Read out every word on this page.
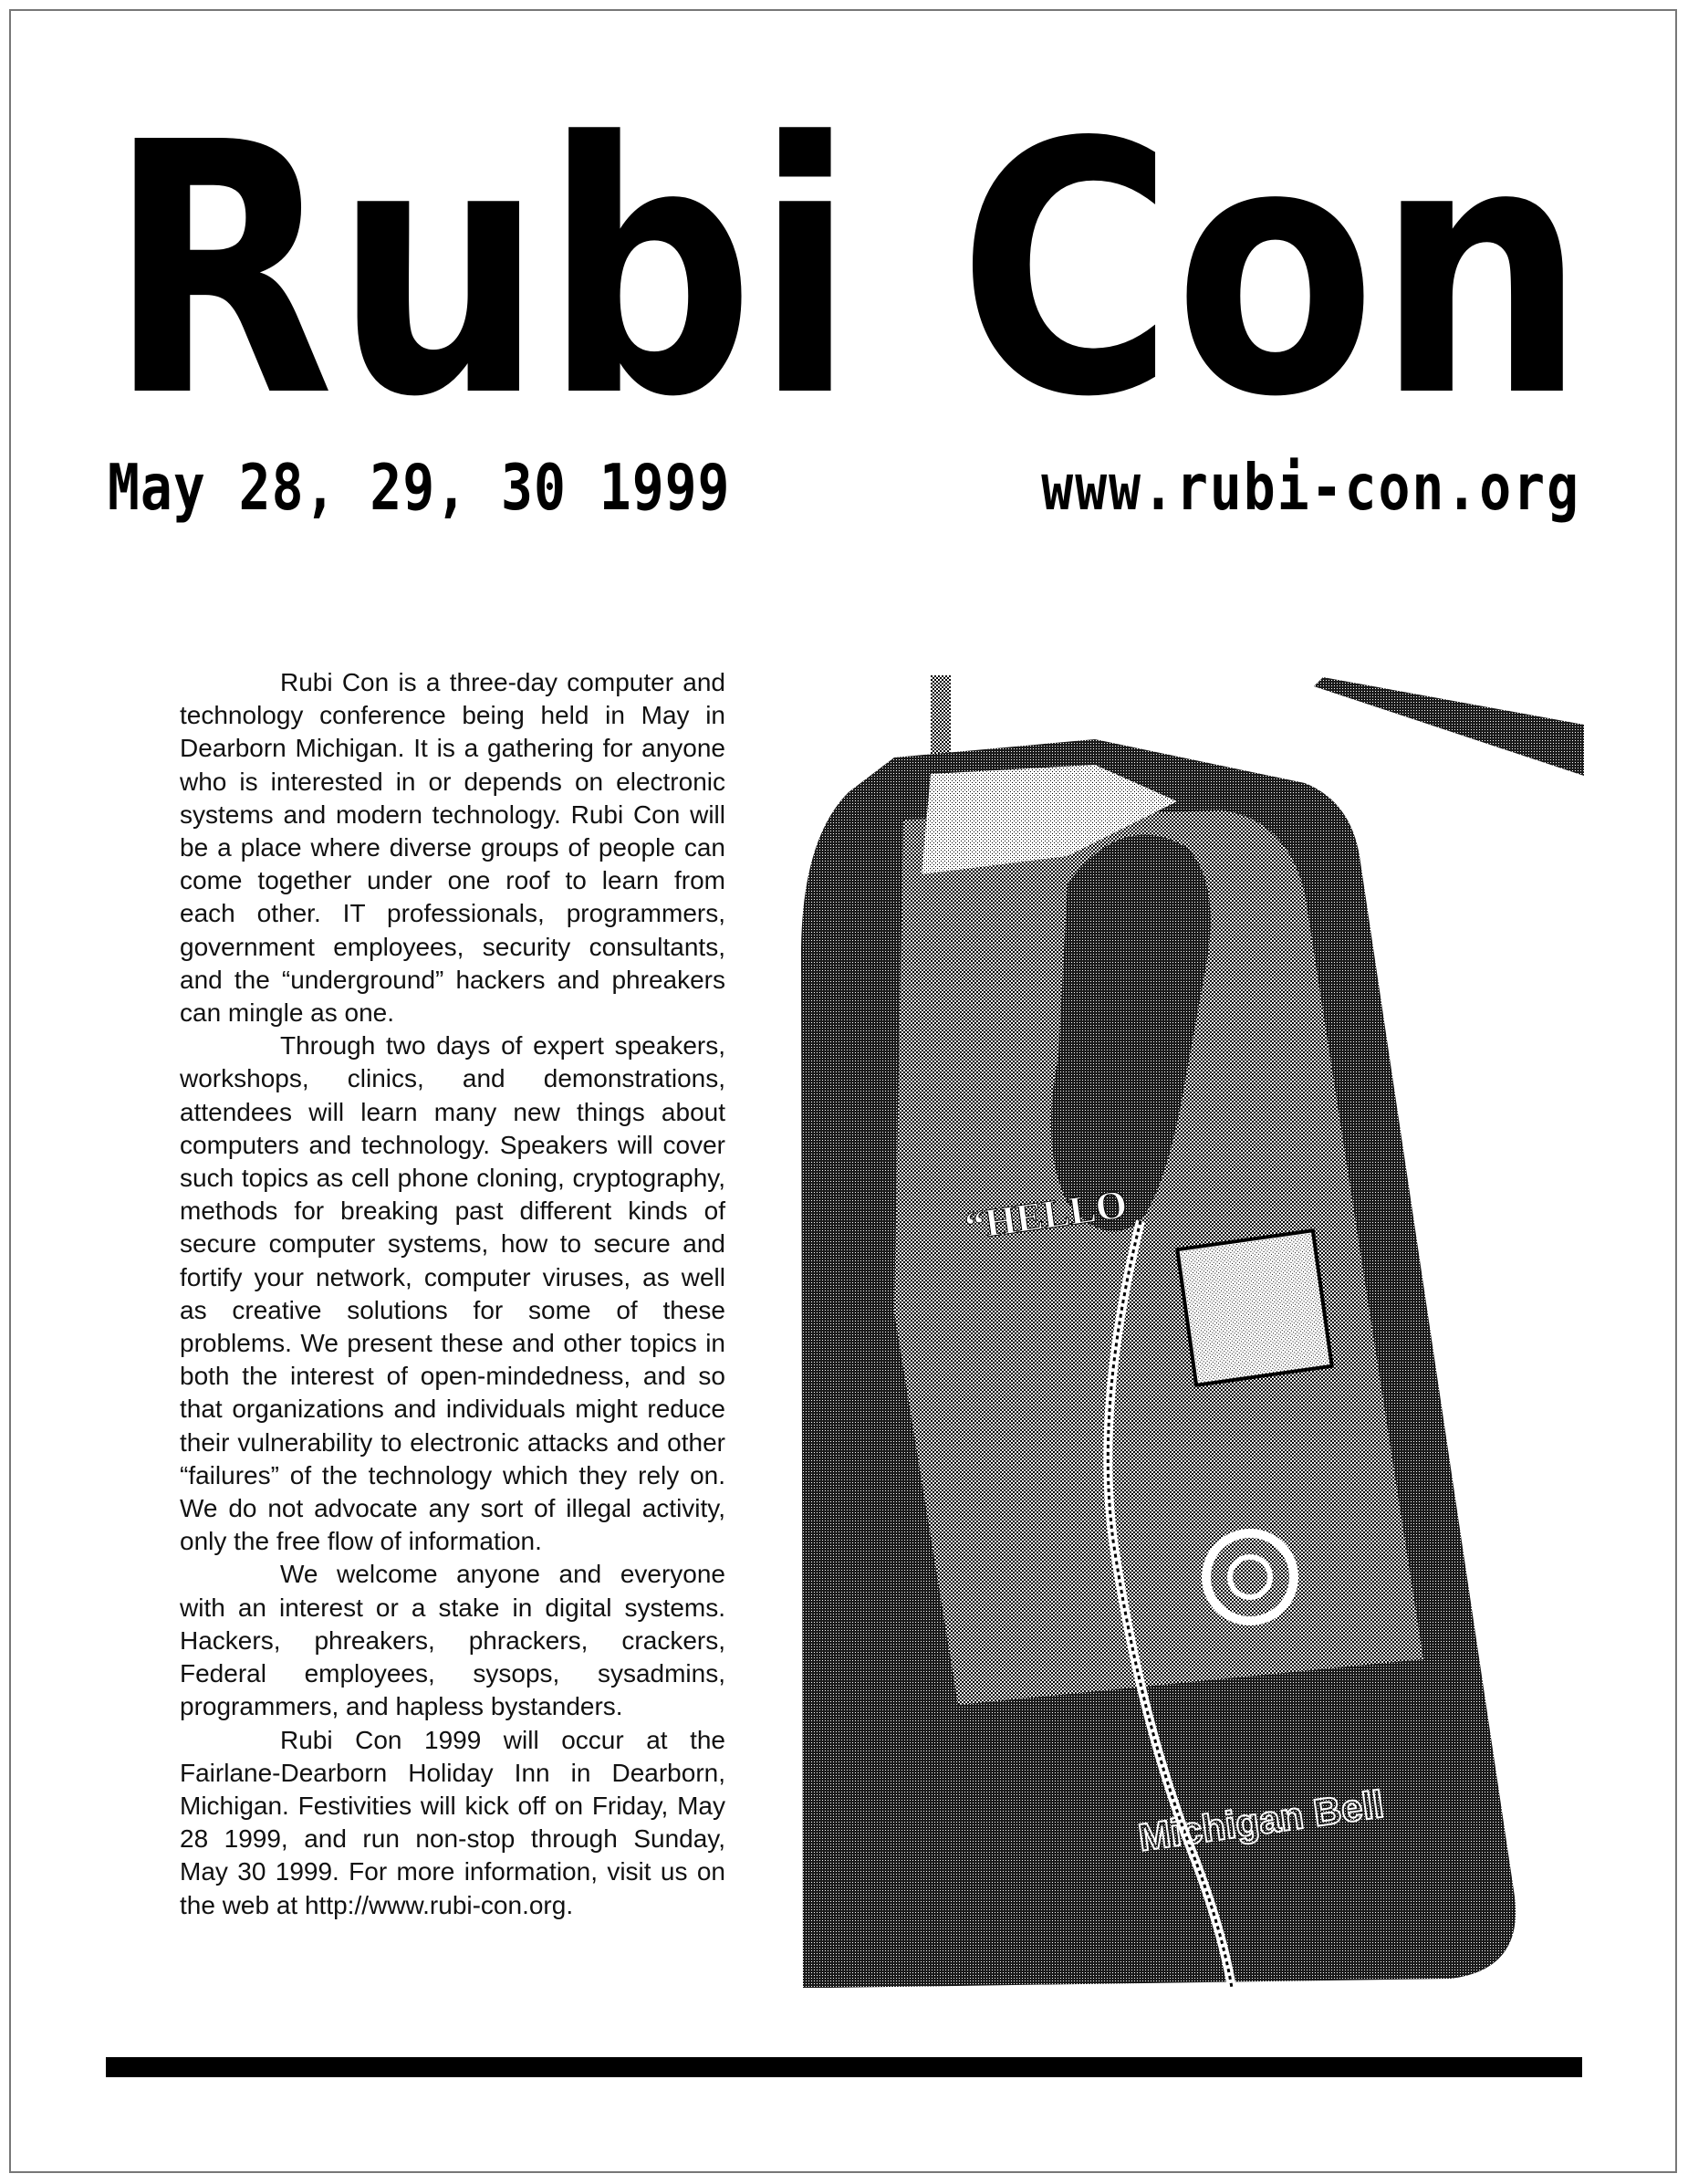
Rubi Con
May 28, 29, 30 1999	www.rubi-con.org

Rubi Con is a three-day computer and technology conference being held in May in Dearborn Michigan. It is a gathering for anyone who is interested in or depends on electronic systems and modern technology. Rubi Con will be a place where diverse groups of people can come together under one roof to learn from each other. IT professionals, programmers, government employees, security consultants, and the “underground” hackers and phreakers can mingle as one.

Through two days of expert speakers, workshops, clinics, and demonstrations, attendees will learn many new things about computers and technology. Speakers will cover such topics as cell phone cloning, cryptography, methods for breaking past different kinds of secure computer systems, how to secure and fortify your network, computer viruses, as well as creative solutions for some of these problems. We present these and other topics in both the interest of open-mindedness, and so that organizations and individuals might reduce their vulnerability to electronic attacks and other “failures” of the technology which they rely on. We do not advocate any sort of illegal activity, only the free flow of information.

We welcome anyone and everyone with an interest or a stake in digital systems. Hackers, phreakers, phrackers, crackers, Federal employees, sysops, sysadmins, programmers, and hapless bystanders.

Rubi Con 1999 will occur at the Fairlane-Dearborn Holiday Inn in Dearborn, Michigan. Festivities will kick off on Friday, May 28 1999, and run non-stop through Sunday, May 30 1999. For more information, visit us on the web at http://www.rubi-con.org.

“HELLO
Michigan Bell
